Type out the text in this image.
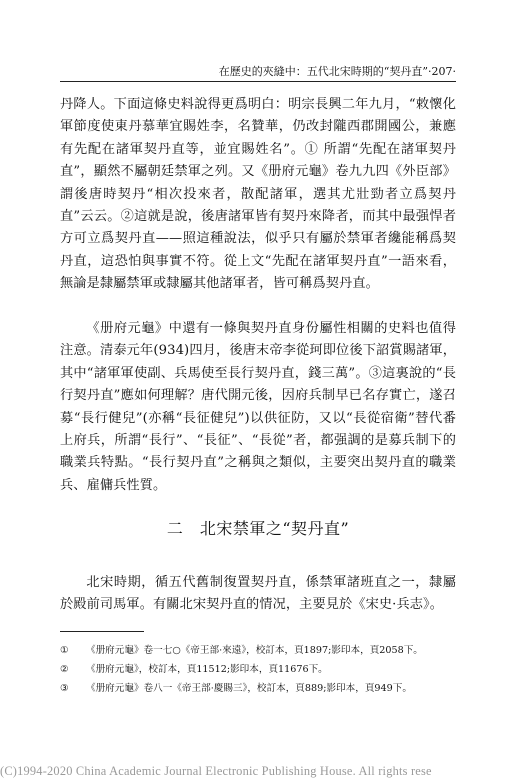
在歷史的夾縫中：五代北宋時期的“契丹直”·207·
丹降人。下面這條史料說得更爲明白：明宗長興二年九月，“敕懷化軍節度使東丹慕華宜賜姓李，名贊華，仍改封隴西郡開國公，兼應有先配在諸軍契丹直等，並宜賜姓名”。① 所謂“先配在諸軍契丹直”，顯然不屬朝廷禁軍之列。又《册府元龜》卷九九四《外臣部》謂後唐時契丹“相次投來者，散配諸軍，選其尤壯勁者立爲契丹直”云云。②這就是說，後唐諸軍皆有契丹來降者，而其中最强悍者方可立爲契丹直——照這種說法，似乎只有屬於禁軍者纔能稱爲契丹直，這恐怕與事實不符。從上文“先配在諸軍契丹直”一語來看，無論是隸屬禁軍或隸屬其他諸軍者，皆可稱爲契丹直。
《册府元龜》中還有一條與契丹直身份屬性相關的史料也值得注意。清泰元年(934)四月，後唐末帝李從珂即位後下詔賞賜諸軍，其中“諸軍軍使副、兵馬使至長行契丹直，錢三萬”。③這裏說的“長行契丹直”應如何理解？唐代開元後，因府兵制早已名存實亡，遂召募“長行健兒”(亦稱“長征健兒”)以供征防，又以“長從宿衛”替代番上府兵，所謂“長行”、“長征”、“長從”者，都强調的是募兵制下的職業兵特點。“長行契丹直”之稱與之類似，主要突出契丹直的職業兵、雇傭兵性質。
二　北宋禁軍之“契丹直”
北宋時期，循五代舊制復置契丹直，係禁軍諸班直之一，隸屬於殿前司馬軍。有關北宋契丹直的情况，主要見於《宋史·兵志》。
① 《册府元龜》卷一七○《帝王部·來遠》，校訂本，頁1897;影印本，頁2058下。
② 《册府元龜》，校訂本，頁11512;影印本，頁11676下。
③ 《册府元龜》卷八一《帝王部·慶賜三》，校訂本，頁889;影印本，頁949下。
(C)1994-2020 China Academic Journal Electronic Publishing House. All rights rese
